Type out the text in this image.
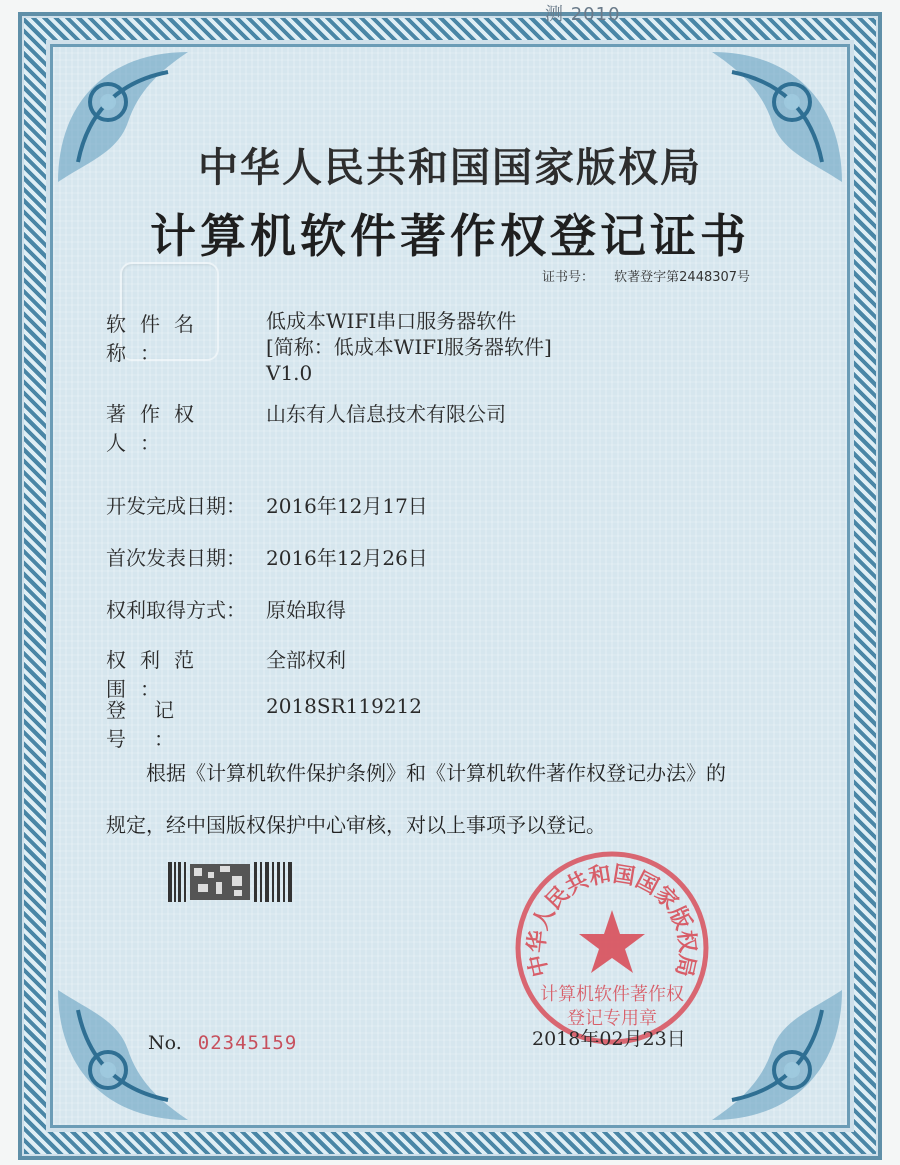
测 2010
中华人民共和国国家版权局
计算机软件著作权登记证书
证书号： 软著登字第2448307号
软件名称：
低成本WIFI串口服务器软件
[简称：低成本WIFI服务器软件]
V1.0
著作权人：山东有人信息技术有限公司
开发完成日期： 2016年12月17日
首次发表日期： 2016年12月26日
权利取得方式： 原始取得
权利范围：全部权利
登记号：2018SR119212
根据《计算机软件保护条例》和《计算机软件著作权登记办法》的
规定，经中国版权保护中心审核，对以上事项予以登记。
中华人民共和国国家版权局
计算机软件著作权
登记专用章
2018年02月23日
No. 02345159
